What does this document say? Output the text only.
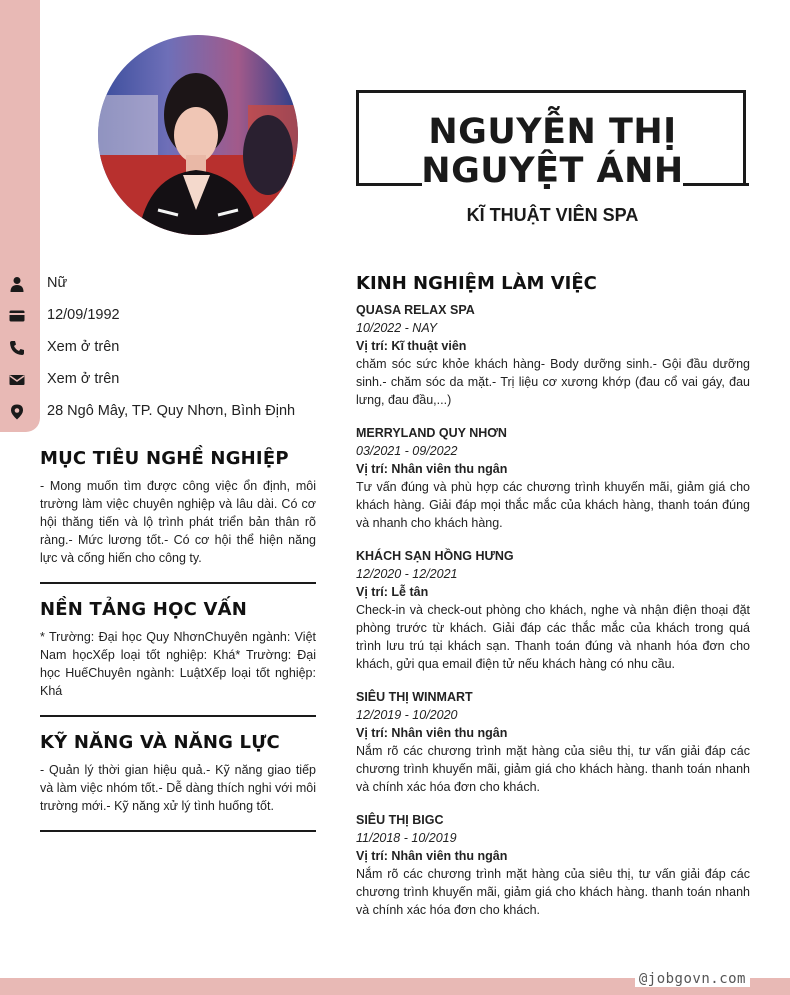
@jobgovn.com
NGUYỄN THỊ
NGUYỆT ÁNH
KĨ THUẬT VIÊN SPA
Nữ
12/09/1992
Xem ở trên
Xem ở trên
28 Ngô Mây, TP. Quy Nhơn, Bình Định
MỤC TIÊU NGHỀ NGHIỆP
- Mong muốn tìm được công việc ổn định, môi trường làm việc chuyên nghiệp và lâu dài. Có cơ hội thăng tiến và lộ trình phát triển bản thân rõ ràng.- Mức lương tốt.- Có cơ hội thể hiện năng lực và cống hiến cho công ty.
NỀN TẢNG HỌC VẤN
* Trường: Đại học Quy NhơnChuyên ngành: Việt Nam họcXếp loại tốt nghiệp: Khá* Trường: Đại học HuếChuyên ngành: LuậtXếp loại tốt nghiệp: Khá
KỸ NĂNG VÀ NĂNG LỰC
- Quản lý thời gian hiệu quả.- Kỹ năng giao tiếp và làm việc nhóm tốt.- Dễ dàng thích nghi với môi trường mới.- Kỹ năng xử lý tình huống tốt.
KINH NGHIỆM LÀM VIỆC
QUASA RELAX SPA
10/2022 - NAY
Vị trí: Kĩ thuật viên
chăm sóc sức khỏe khách hàng- Body dưỡng sinh.- Gội đầu dưỡng sinh.- chăm sóc da mặt.- Trị liệu cơ xương khớp (đau cổ vai gáy, đau lưng, đau đầu,...)
MERRYLAND QUY NHƠN
03/2021 - 09/2022
Vị trí: Nhân viên thu ngân
Tư vấn đúng và phù hợp các chương trình khuyến mãi, giảm giá cho khách hàng. Giải đáp mọi thắc mắc của khách hàng, thanh toán đúng và nhanh cho khách hàng.
KHÁCH SẠN HỒNG HƯNG
12/2020 - 12/2021
Vị trí: Lễ tân
Check-in và check-out phòng cho khách, nghe và nhận điện thoại đặt phòng trước từ khách. Giải đáp các thắc mắc của khách trong quá trình lưu trú tại khách sạn. Thanh toán đúng và nhanh hóa đơn cho khách, gửi qua email điện tử nếu khách hàng có nhu cầu.
SIÊU THỊ WINMART
12/2019 - 10/2020
Vị trí: Nhân viên thu ngân
Nắm rõ các chương trình mặt hàng của siêu thị, tư vấn giải đáp các chương trình khuyến mãi, giảm giá cho khách hàng. thanh toán nhanh và chính xác hóa đơn cho khách.
SIÊU THỊ BIGC
11/2018 - 10/2019
Vị trí: Nhân viên thu ngân
Nắm rõ các chương trình mặt hàng của siêu thị, tư vấn giải đáp các chương trình khuyến mãi, giảm giá cho khách hàng. thanh toán nhanh và chính xác hóa đơn cho khách.
